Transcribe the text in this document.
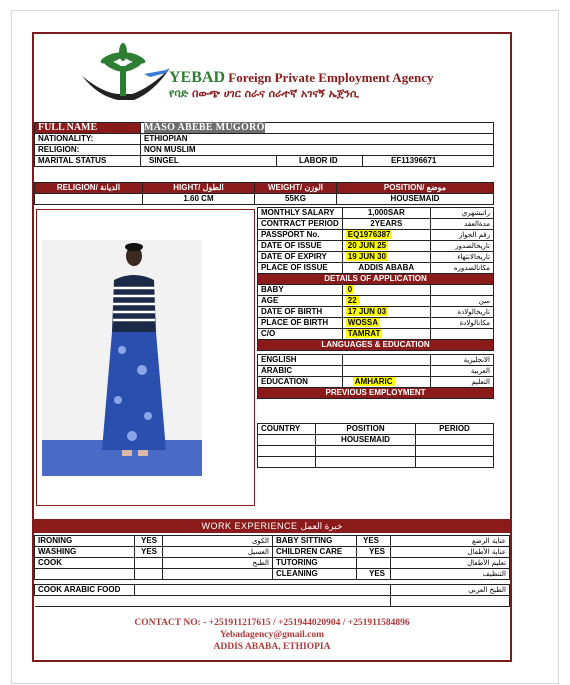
YEBAD Foreign Private Employment Agency
የባድ በውጭ ሀገር ስራና ሰራተኛ አገናኝ ኤጀንሲ
FULL NAME	MASO ABEBE MUGORO		
NATIONALITY:	ETHIOPIAN		
RELIGION:	NON MUSLIM		
MARITAL STATUS	SINGEL	LABOR ID	EF11396671
RELIGION/ الديانة	HIGHT/ الطول	WEIGHT/ الوزن	POSITION/ موضع
	1.60 CM	55KG	HOUSEMAID
MONTHLY SALARY	1,000SAR	راتبشهري
CONTRACT PERIOD	2YEARS	مدةالعقد
PASSPORT No.	EQ1976387	رقم الجواز
DATE OF ISSUE	20 JUN 25	تاريخالصدور
DATE OF EXPIRY	19 JUN 30	تاريخالانتهاء
PLACE OF ISSUE	ADDIS ABABA	مكانالصدوره
DETAILS OF APPLICATION		
BABY	0	
AGE	22	سن
DATE OF BIRTH	17 JUN 03	تاريخالولادة
PLACE OF BIRTH	WOSSA	مكانالولادة
C/O	TAMRAT	
LANGUAGES & EDUCATION		

ENGLISH		الانجليزية
ARABIC		العربية
EDUCATION	AMHARIC	التعليم
PREVIOUS EMPLOYMENT		
COUNTRY	POSITION	PERIOD
	HOUSEMAID	

WORK EXPERIENCE خبرة العمل
IRONING	YES	الكوى	BABY SITTING	YES	عناية الرضع
WASHING	YES	الغسيل	CHILDREN CARE	YES	عناية الأطفال
COOK		الطبخ	TUTORING		تعليم الأطفال
			CLEANING	YES	التنظيف

COOK ARABIC FOOD					الطبخ العربي

CONTACT NO: - +251911217615 / +251944020904 / +251911584896
Yebadagency@gmail.com
ADDIS ABABA, ETHIOPIA
